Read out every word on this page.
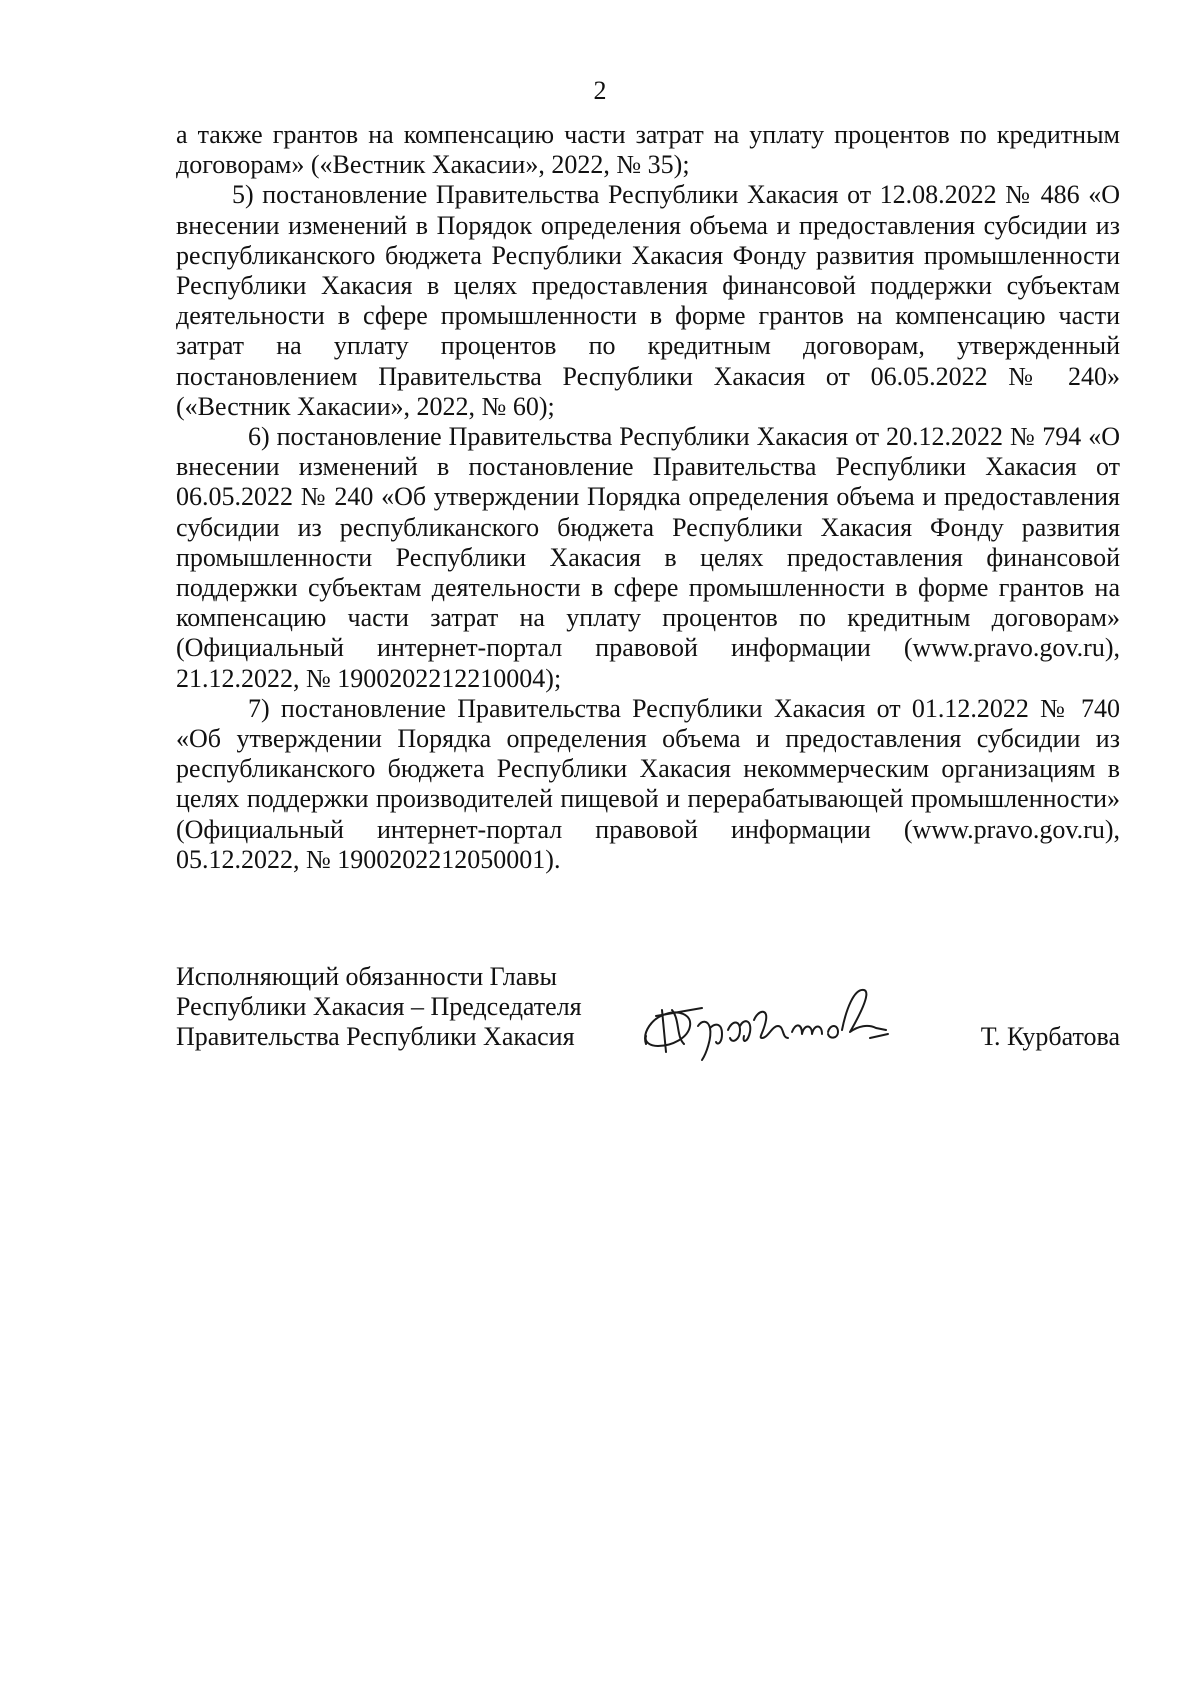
2

а также грантов на компенсацию части затрат на уплату процентов по кредитным договорам» («Вестник Хакасии», 2022, № 35);

5) постановление Правительства Республики Хакасия от 12.08.2022 № 486 «О внесении изменений в Порядок определения объема и предоставления субсидии из республиканского бюджета Республики Хакасия Фонду развития промышленности Республики Хакасия в целях предоставления финансовой поддержки субъектам деятельности в сфере промышленности в форме грантов на компенсацию части затрат на уплату процентов по кредитным договорам, утвержденный постановлением Правительства Республики Хакасия от 06.05.2022 № 240» («Вестник Хакасии», 2022, № 60);

6) постановление Правительства Республики Хакасия от 20.12.2022 № 794 «О внесении изменений в постановление Правительства Республики Хакасия от 06.05.2022 № 240 «Об утверждении Порядка определения объема и предоставления субсидии из республиканского бюджета Республики Хакасия Фонду развития промышленности Республики Хакасия в целях предоставления финансовой поддержки субъектам деятельности в сфере промышленности в форме грантов на компенсацию части затрат на уплату процентов по кредитным договорам» (Официальный интернет-портал правовой информации (www.pravo.gov.ru), 21.12.2022, № 1900202212210004);

7) постановление Правительства Республики Хакасия от 01.12.2022 № 740 «Об утверждении Порядка определения объема и предоставления субсидии из республиканского бюджета Республики Хакасия некоммерческим организациям в целях поддержки производителей пищевой и перерабатывающей промышленности» (Официальный интернет-портал правовой информации (www.pravo.gov.ru), 05.12.2022, № 1900202212050001).

Исполняющий обязанности Главы
Республики Хакасия – Председателя
Правительства Республики Хакасия	Т. Курбатова
